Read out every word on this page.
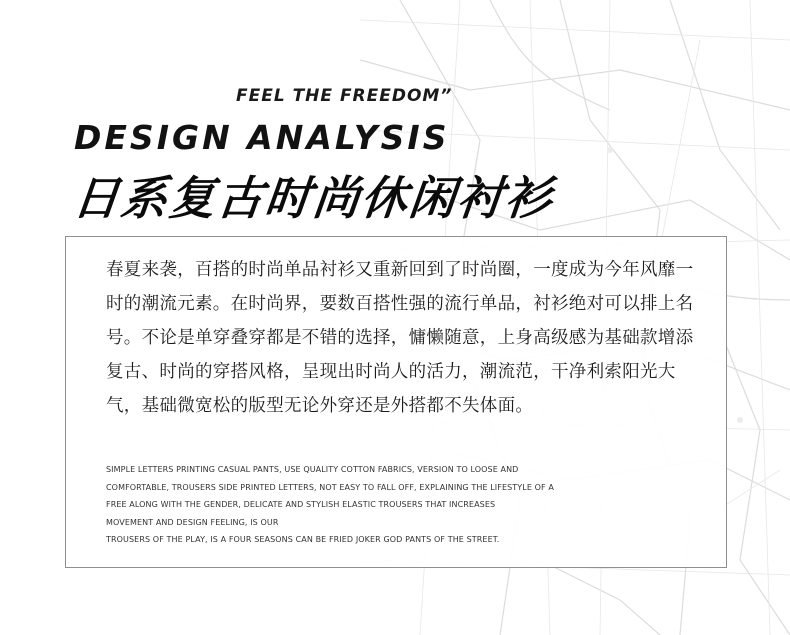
FEEL THE FREEDOM”
DESIGN ANALYSIS
日系复古时尚休闲衬衫

春夏来袭，百搭的时尚单品衬衫又重新回到了时尚圈，一度成为今年风靡一时的潮流元素。在时尚界，要数百搭性强的流行单品，衬衫绝对可以排上名号。不论是单穿叠穿都是不错的选择，慵懒随意，上身高级感为基础款增添复古、时尚的穿搭风格，呈现出时尚人的活力，潮流范，干净利索阳光大气，基础微宽松的版型无论外穿还是外搭都不失体面。

SIMPLE LETTERS PRINTING CASUAL PANTS, USE QUALITY COTTON FABRICS, VERSION TO LOOSE AND
COMFORTABLE, TROUSERS SIDE PRINTED LETTERS, NOT EASY TO FALL OFF, EXPLAINING THE LIFESTYLE OF A
FREE ALONG WITH THE GENDER, DELICATE AND STYLISH ELASTIC TROUSERS THAT INCREASES
MOVEMENT AND DESIGN FEELING, IS OUR
TROUSERS OF THE PLAY, IS A FOUR SEASONS CAN BE FRIED JOKER GOD PANTS OF THE STREET.
